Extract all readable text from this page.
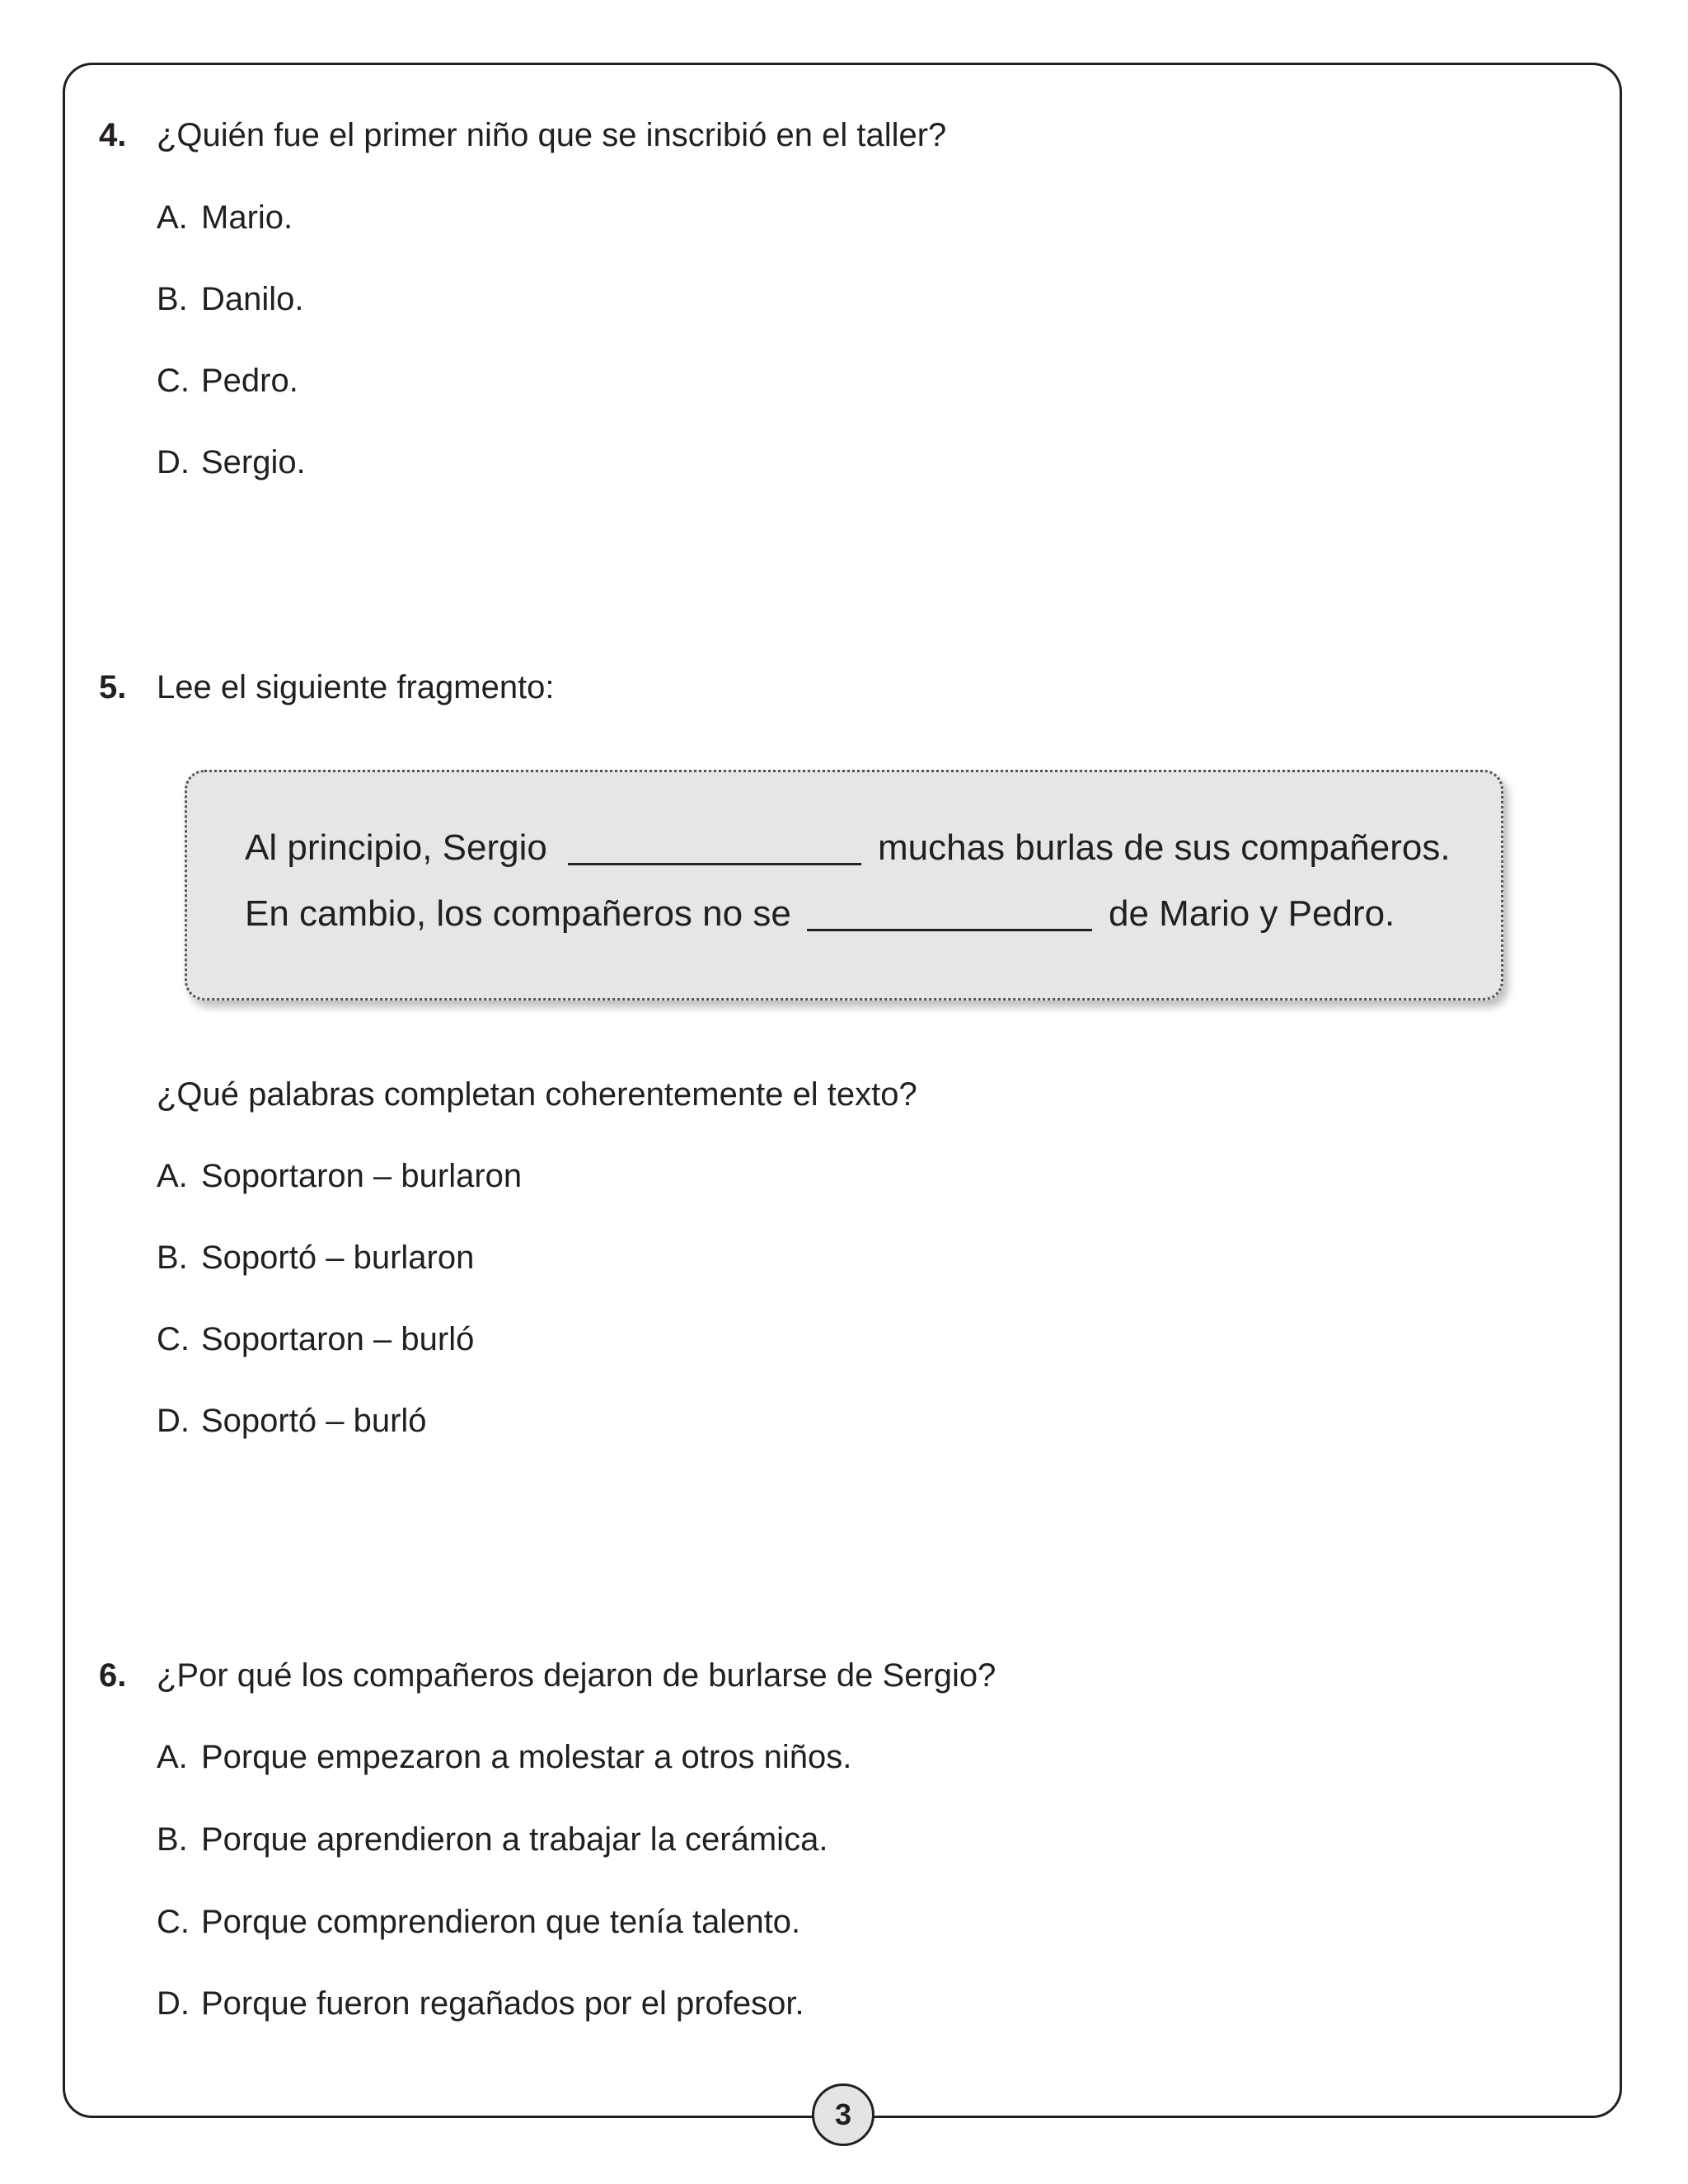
4. ¿Quién fue el primer niño que se inscribió en el taller?
A. Mario.
B. Danilo.
C. Pedro.
D. Sergio.
5. Lee el siguiente fragmento:
Al principio, Sergio	muchas burlas de sus compañeros.
En cambio, los compañeros no se	de Mario y Pedro.
¿Qué palabras completan coherentemente el texto?
A. Soportaron – burlaron
B. Soportó – burlaron
C. Soportaron – burló
D. Soportó – burló
6. ¿Por qué los compañeros dejaron de burlarse de Sergio?
A. Porque empezaron a molestar a otros niños.
B. Porque aprendieron a trabajar la cerámica.
C. Porque comprendieron que tenía talento.
D. Porque fueron regañados por el profesor.
3
